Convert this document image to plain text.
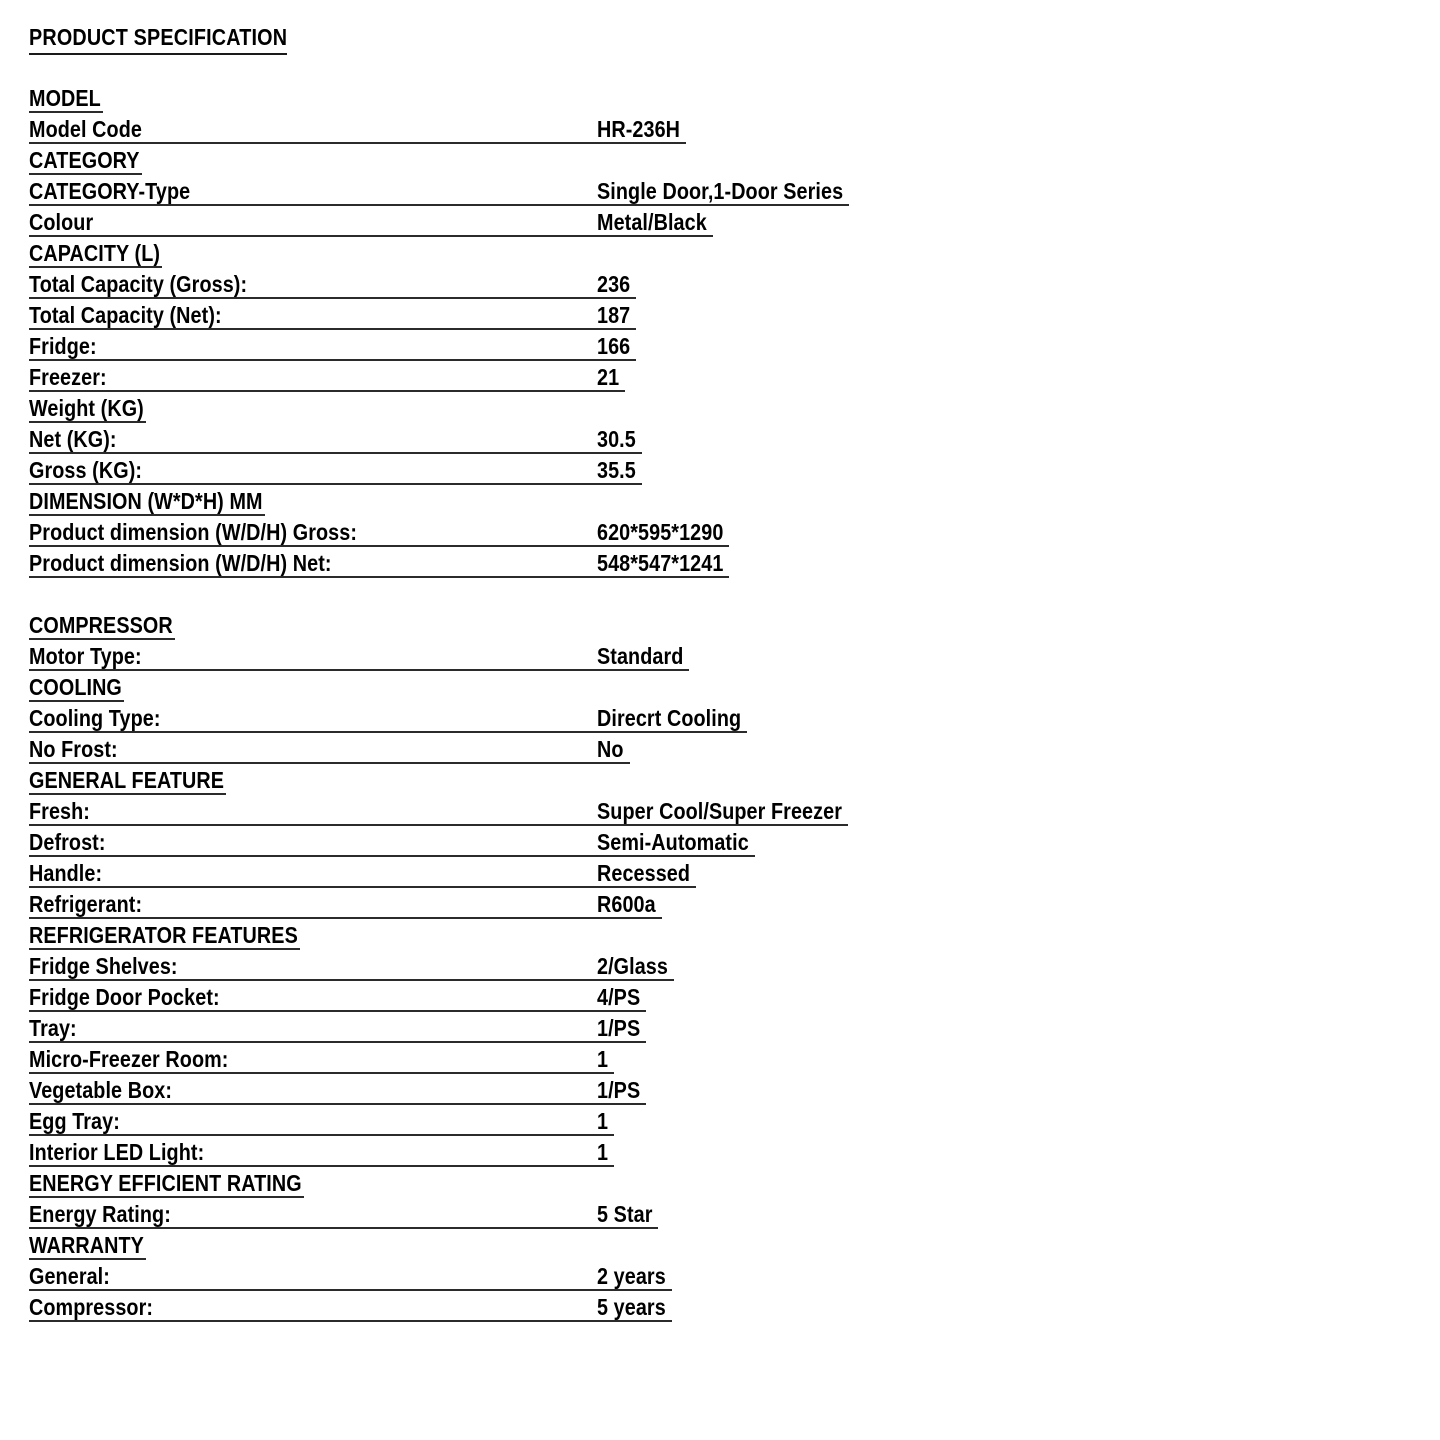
PRODUCT SPECIFICATION
MODEL
Model Code	HR-236H
CATEGORY
CATEGORY-Type	Single Door,1-Door Series
Colour	Metal/Black
CAPACITY (L)
Total Capacity (Gross):	236
Total Capacity (Net):	187
Fridge:	166
Freezer:	21
Weight (KG)
Net (KG):	30.5
Gross (KG):	35.5
DIMENSION (W*D*H) MM
Product dimension (W/D/H) Gross:	620*595*1290
Product dimension (W/D/H) Net:	548*547*1241
COMPRESSOR
Motor Type:	Standard
COOLING
Cooling Type:	Direcrt Cooling
No Frost:	No
GENERAL FEATURE
Fresh:	Super Cool/Super Freezer
Defrost:	Semi-Automatic
Handle:	Recessed
Refrigerant:	R600a
REFRIGERATOR FEATURES
Fridge Shelves:	2/Glass
Fridge Door Pocket:	4/PS
Tray:	1/PS
Micro-Freezer Room:	1
Vegetable Box:	1/PS
Egg Tray:	1
Interior LED Light:	1
ENERGY EFFICIENT RATING
Energy Rating:	5 Star
WARRANTY
General:	2 years
Compressor:	5 years
